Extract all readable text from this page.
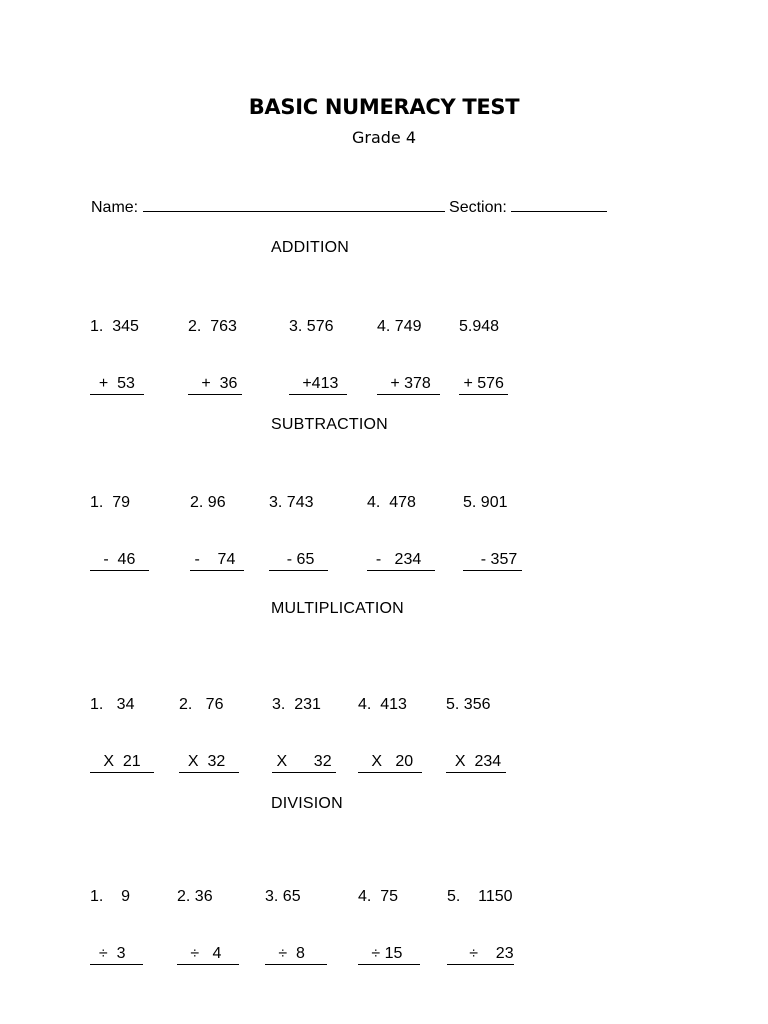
BASIC NUMERACY TEST
Grade 4
Name:	Section:
ADDITION

1.  345

+  53

2.  763

+  36

3. 576

+413

4. 749

+ 378

5.948

+ 576

SUBTRACTION

1.  79

-  46

2. 96

-    74

3. 743

- 65

4.  478

-   234

5. 901

- 357

MULTIPLICATION

1.   34

X  21

2.   76

X  32

3.  231

X      32

4.  413

X   20

5. 356

X  234

DIVISION

1.    9

÷  3

2. 36

÷   4

3. 65

÷  8

4.  75

÷ 15

5.    1150

÷    23
